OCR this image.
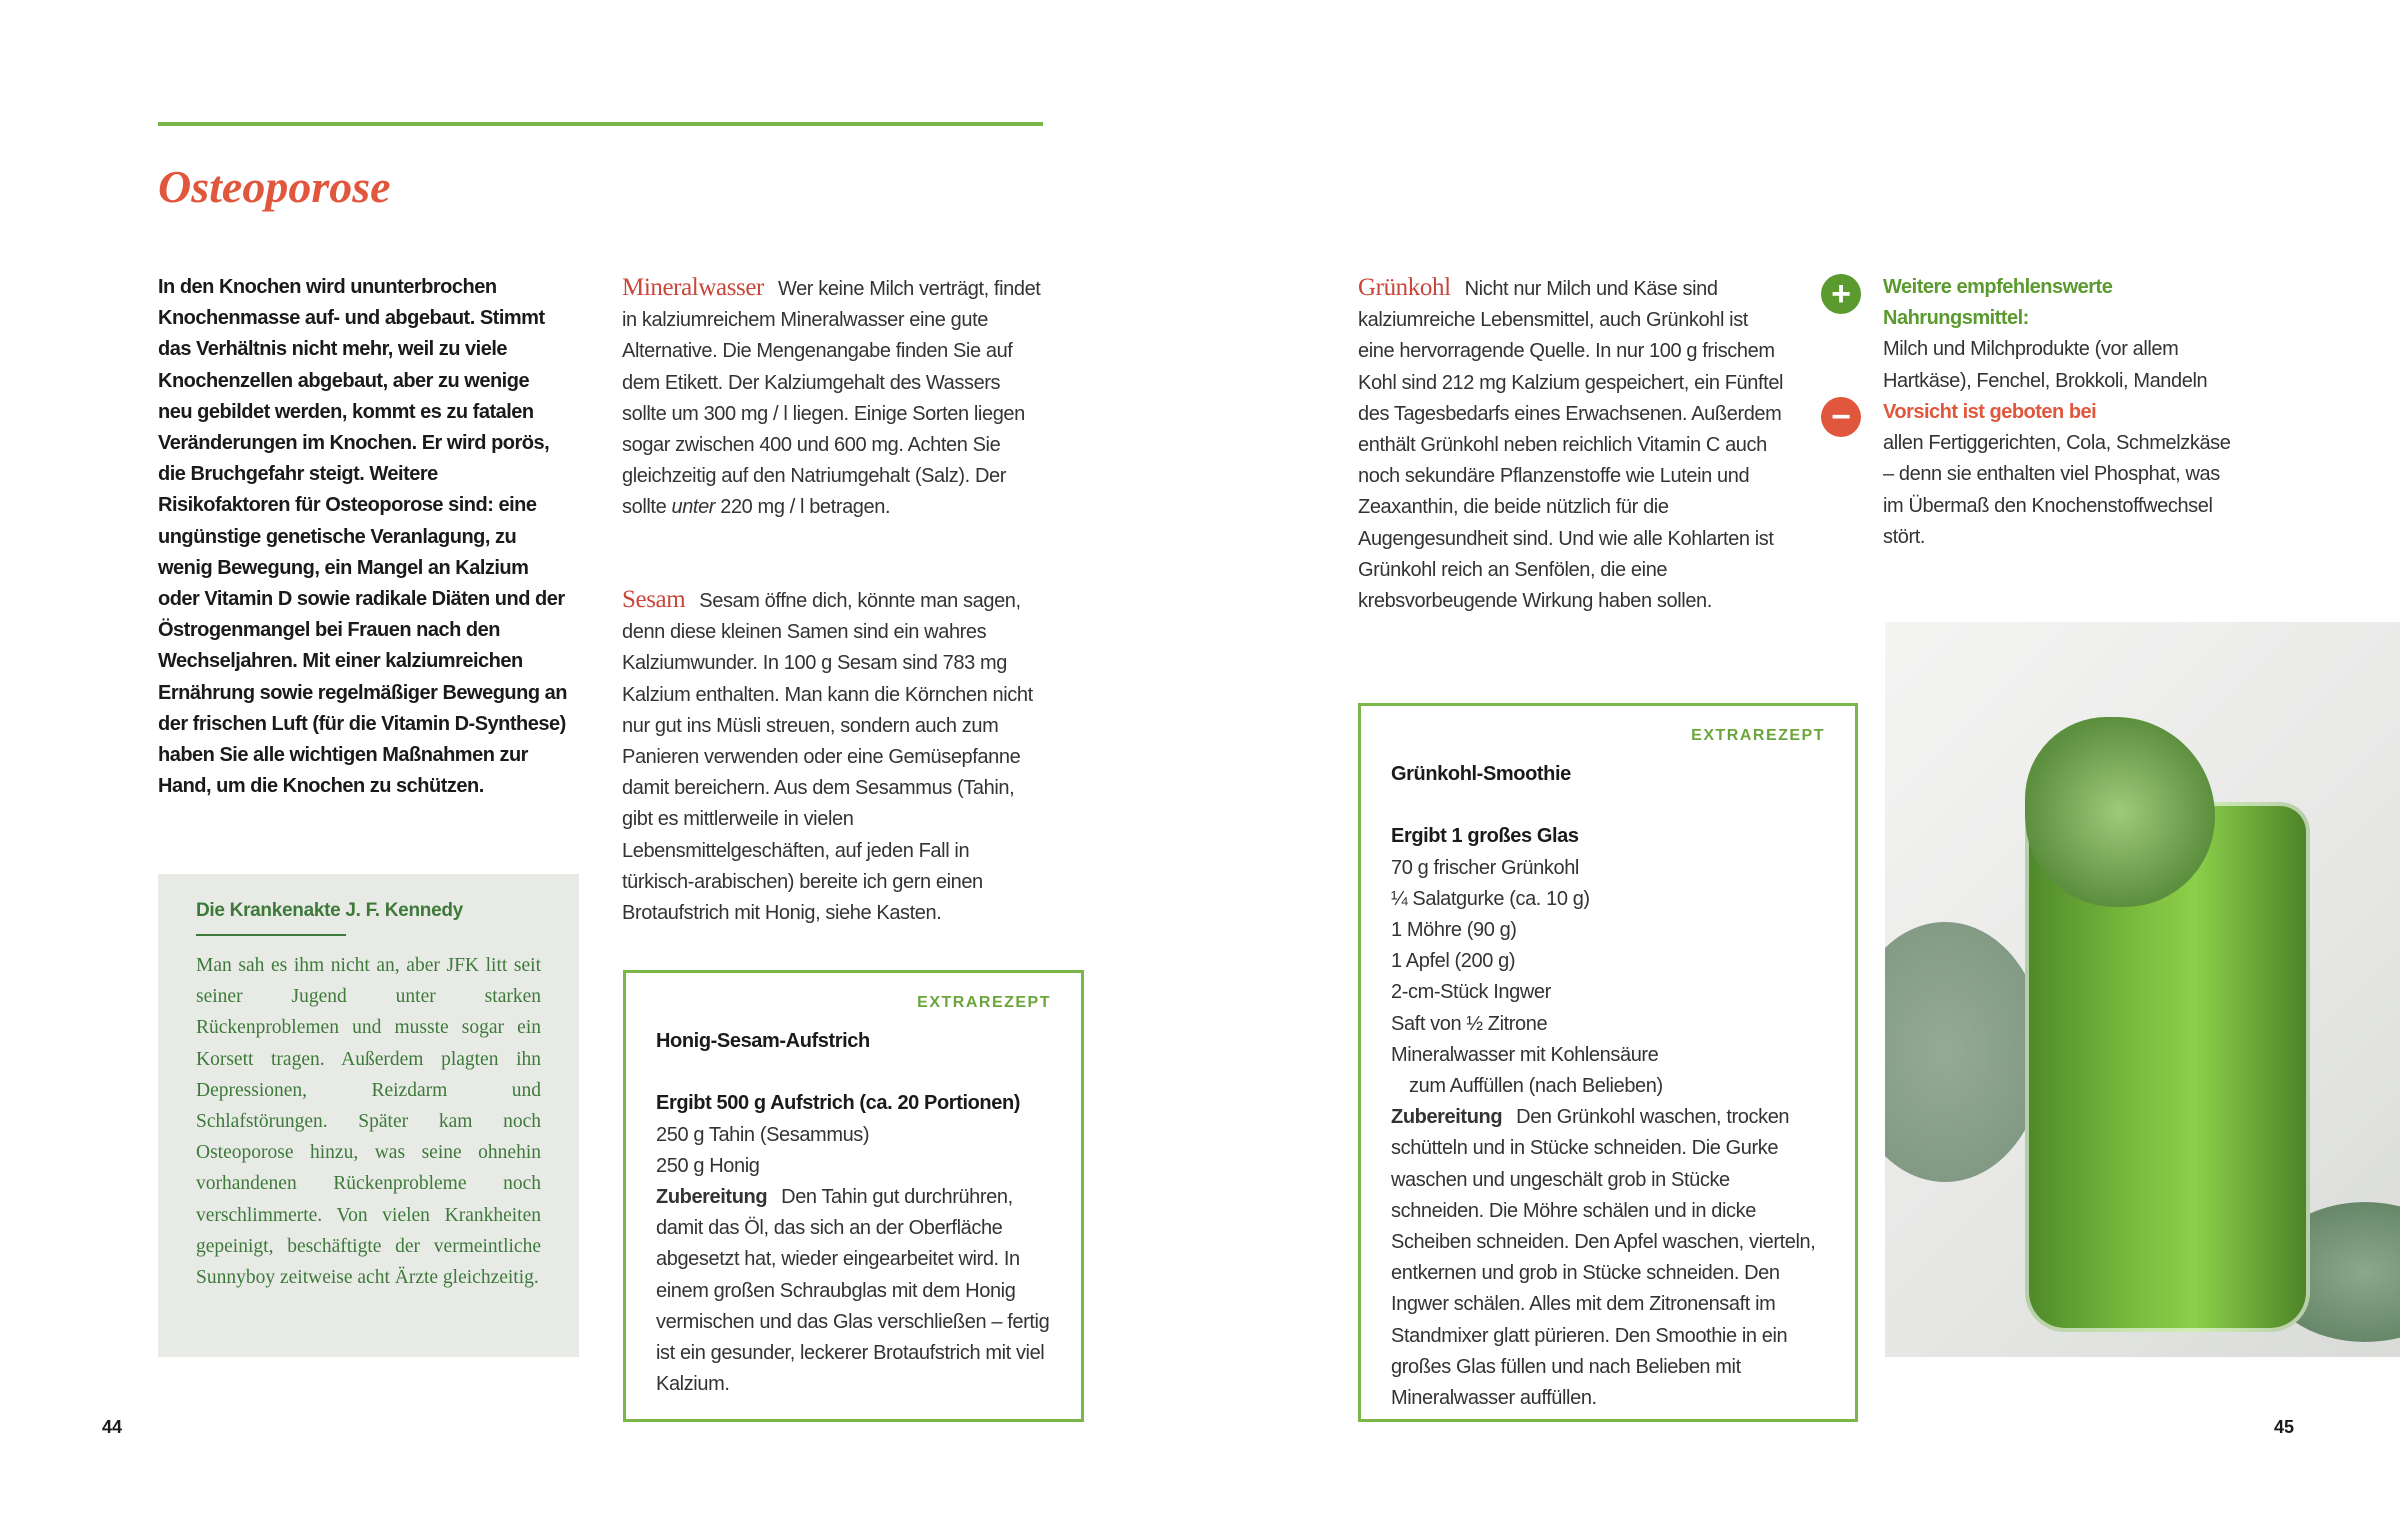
Osteoporose

In den Knochen wird ununterbrochen Knochenmasse auf- und abgebaut. Stimmt das Verhältnis nicht mehr, weil zu viele Knochenzellen abgebaut, aber zu wenige neu gebildet werden, kommt es zu fatalen Veränderungen im Knochen. Er wird porös, die Bruchgefahr steigt. Weitere Risikofaktoren für Osteoporose sind: eine ungünstige genetische Veranlagung, zu wenig Bewegung, ein Mangel an Kalzium oder Vitamin D sowie radikale Diäten und der Östrogenmangel bei Frauen nach den Wechseljahren. Mit einer kalziumreichen Ernährung sowie regelmäßiger Bewegung an der frischen Luft (für die Vitamin D-Synthese) haben Sie alle wichtigen Maßnahmen zur Hand, um die Knochen zu schützen.

Die Krankenakte J. F. Kennedy

Man sah es ihm nicht an, aber JFK litt seit seiner Jugend unter starken Rückenproblemen und musste sogar ein Korsett tragen. Außerdem plagten ihn Depressionen, Reizdarm und Schlafstörungen. Später kam noch Osteoporose hinzu, was seine ohnehin vorhandenen Rückenprobleme noch verschlimmerte. Von vielen Krankheiten gepeinigt, beschäftigte der vermeintliche Sunnyboy zeitweise acht Ärzte gleichzeitig.

Mineralwasser Wer keine Milch verträgt, findet in kalziumreichem Mineralwasser eine gute Alternative. Die Mengenangabe finden Sie auf dem Etikett. Der Kalziumgehalt des Wassers sollte um 300 mg / l liegen. Einige Sorten liegen sogar zwischen 400 und 600 mg. Achten Sie gleichzeitig auf den Natriumgehalt (Salz). Der sollte unter 220 mg / l betragen.

Sesam Sesam öffne dich, könnte man sagen, denn diese kleinen Samen sind ein wahres Kalziumwunder. In 100 g Sesam sind 783 mg Kalzium enthalten. Man kann die Körnchen nicht nur gut ins Müsli streuen, sondern auch zum Panieren verwenden oder eine Gemüsepfanne damit bereichern. Aus dem Sesammus (Tahin, gibt es mittlerweile in vielen Lebensmittelgeschäften, auf jeden Fall in türkisch-arabischen) bereite ich gern einen Brotaufstrich mit Honig, siehe Kasten.

EXTRAREZEPT
Honig-Sesam-Aufstrich
Ergibt 500 g Aufstrich (ca. 20 Portionen)
250 g Tahin (Sesammus)
250 g Honig
Zubereitung Den Tahin gut durchrühren, damit das Öl, das sich an der Oberfläche abgesetzt hat, wieder eingearbeitet wird. In einem großen Schraubglas mit dem Honig vermischen und das Glas verschließen – fertig ist ein gesunder, leckerer Brotaufstrich mit viel Kalzium.

Grünkohl Nicht nur Milch und Käse sind kalziumreiche Lebensmittel, auch Grünkohl ist eine hervorragende Quelle. In nur 100 g frischem Kohl sind 212 mg Kalzium gespeichert, ein Fünftel des Tagesbedarfs eines Erwachsenen. Außerdem enthält Grünkohl neben reichlich Vitamin C auch noch sekundäre Pflanzenstoffe wie Lutein und Zeaxanthin, die beide nützlich für die Augengesundheit sind. Und wie alle Kohlarten ist Grünkohl reich an Senfölen, die eine krebsvorbeugende Wirkung haben sollen.

+	Weitere empfehlenswerte Nahrungsmittel:
Milch und Milchprodukte (vor allem Hartkäse), Fenchel, Brokkoli, Mandeln
−	Vorsicht ist geboten bei
allen Fertiggerichten, Cola, Schmelzkäse – denn sie enthalten viel Phosphat, was im Übermaß den Knochenstoffwechsel stört.
EXTRAREZEPT
Grünkohl-Smoothie
Ergibt 1 großes Glas
70 g frischer Grünkohl
¼ Salatgurke (ca. 10 g)
1 Möhre (90 g)
1 Apfel (200 g)
2-cm-Stück Ingwer
Saft von ½ Zitrone
Mineralwasser mit Kohlensäure
zum Auffüllen (nach Belieben)
Zubereitung Den Grünkohl waschen, trocken schütteln und in Stücke schneiden. Die Gurke waschen und ungeschält grob in Stücke schneiden. Die Möhre schälen und in dicke Scheiben schneiden. Den Apfel waschen, vierteln, entkernen und grob in Stücke schneiden. Den Ingwer schälen. Alles mit dem Zitronensaft im Standmixer glatt pürieren. Den Smoothie in ein großes Glas füllen und nach Belieben mit Mineralwasser auffüllen.
44	45
